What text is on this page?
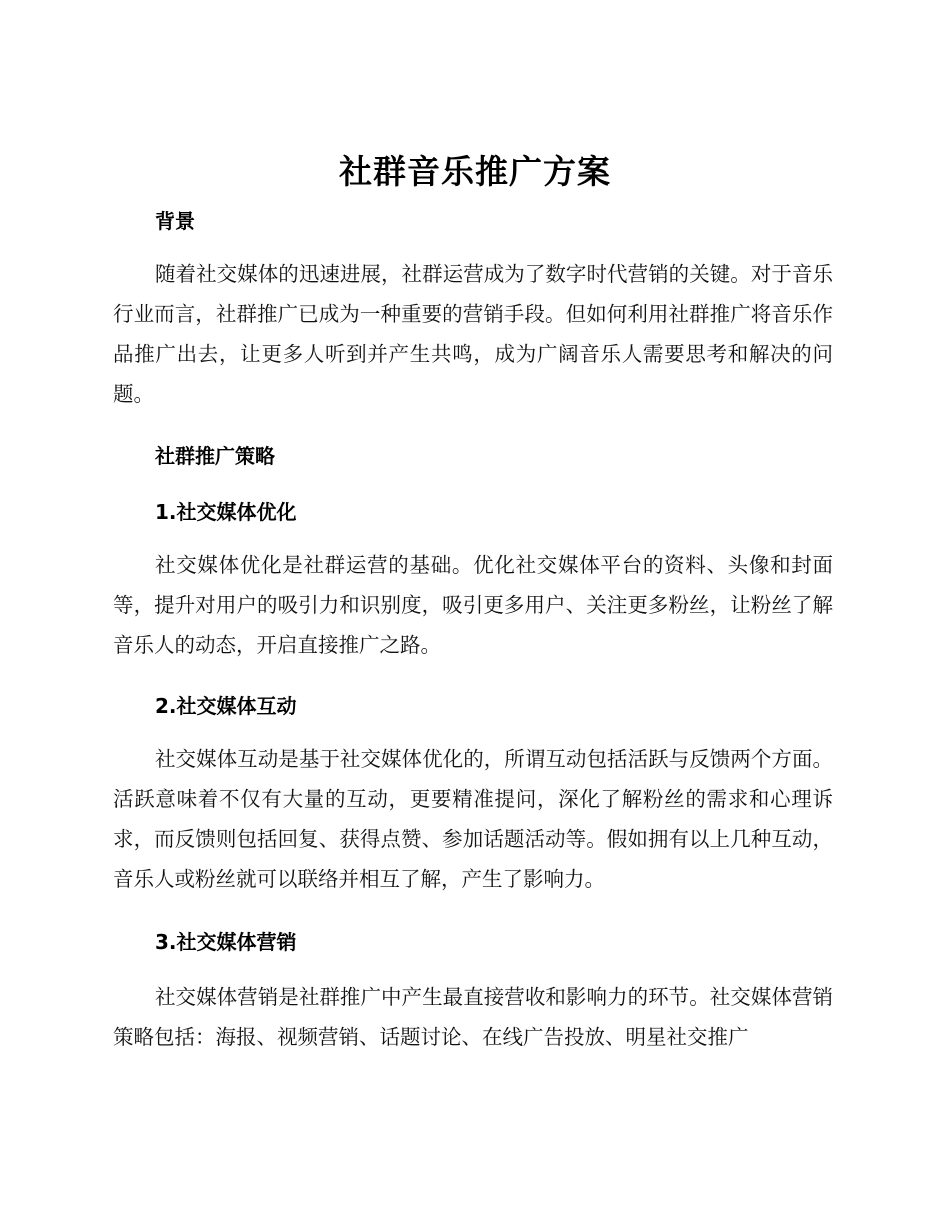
社群音乐推广方案
背景
随着社交媒体的迅速进展，社群运营成为了数字时代营销的关键。对于音乐行业而言，社群推广已成为一种重要的营销手段。但如何利用社群推广将音乐作品推广出去，让更多人听到并产生共鸣，成为广阔音乐人需要思考和解决的问题。
社群推广策略
1.社交媒体优化
社交媒体优化是社群运营的基础。优化社交媒体平台的资料、头像和封面等，提升对用户的吸引力和识别度，吸引更多用户、关注更多粉丝，让粉丝了解音乐人的动态，开启直接推广之路。
2.社交媒体互动
社交媒体互动是基于社交媒体优化的，所谓互动包括活跃与反馈两个方面。活跃意味着不仅有大量的互动，更要精准提问，深化了解粉丝的需求和心理诉求，而反馈则包括回复、获得点赞、参加话题活动等。假如拥有以上几种互动，音乐人或粉丝就可以联络并相互了解，产生了影响力。
3.社交媒体营销
社交媒体营销是社群推广中产生最直接营收和影响力的环节。社交媒体营销策略包括：海报、视频营销、话题讨论、在线广告投放、明星社交推广
